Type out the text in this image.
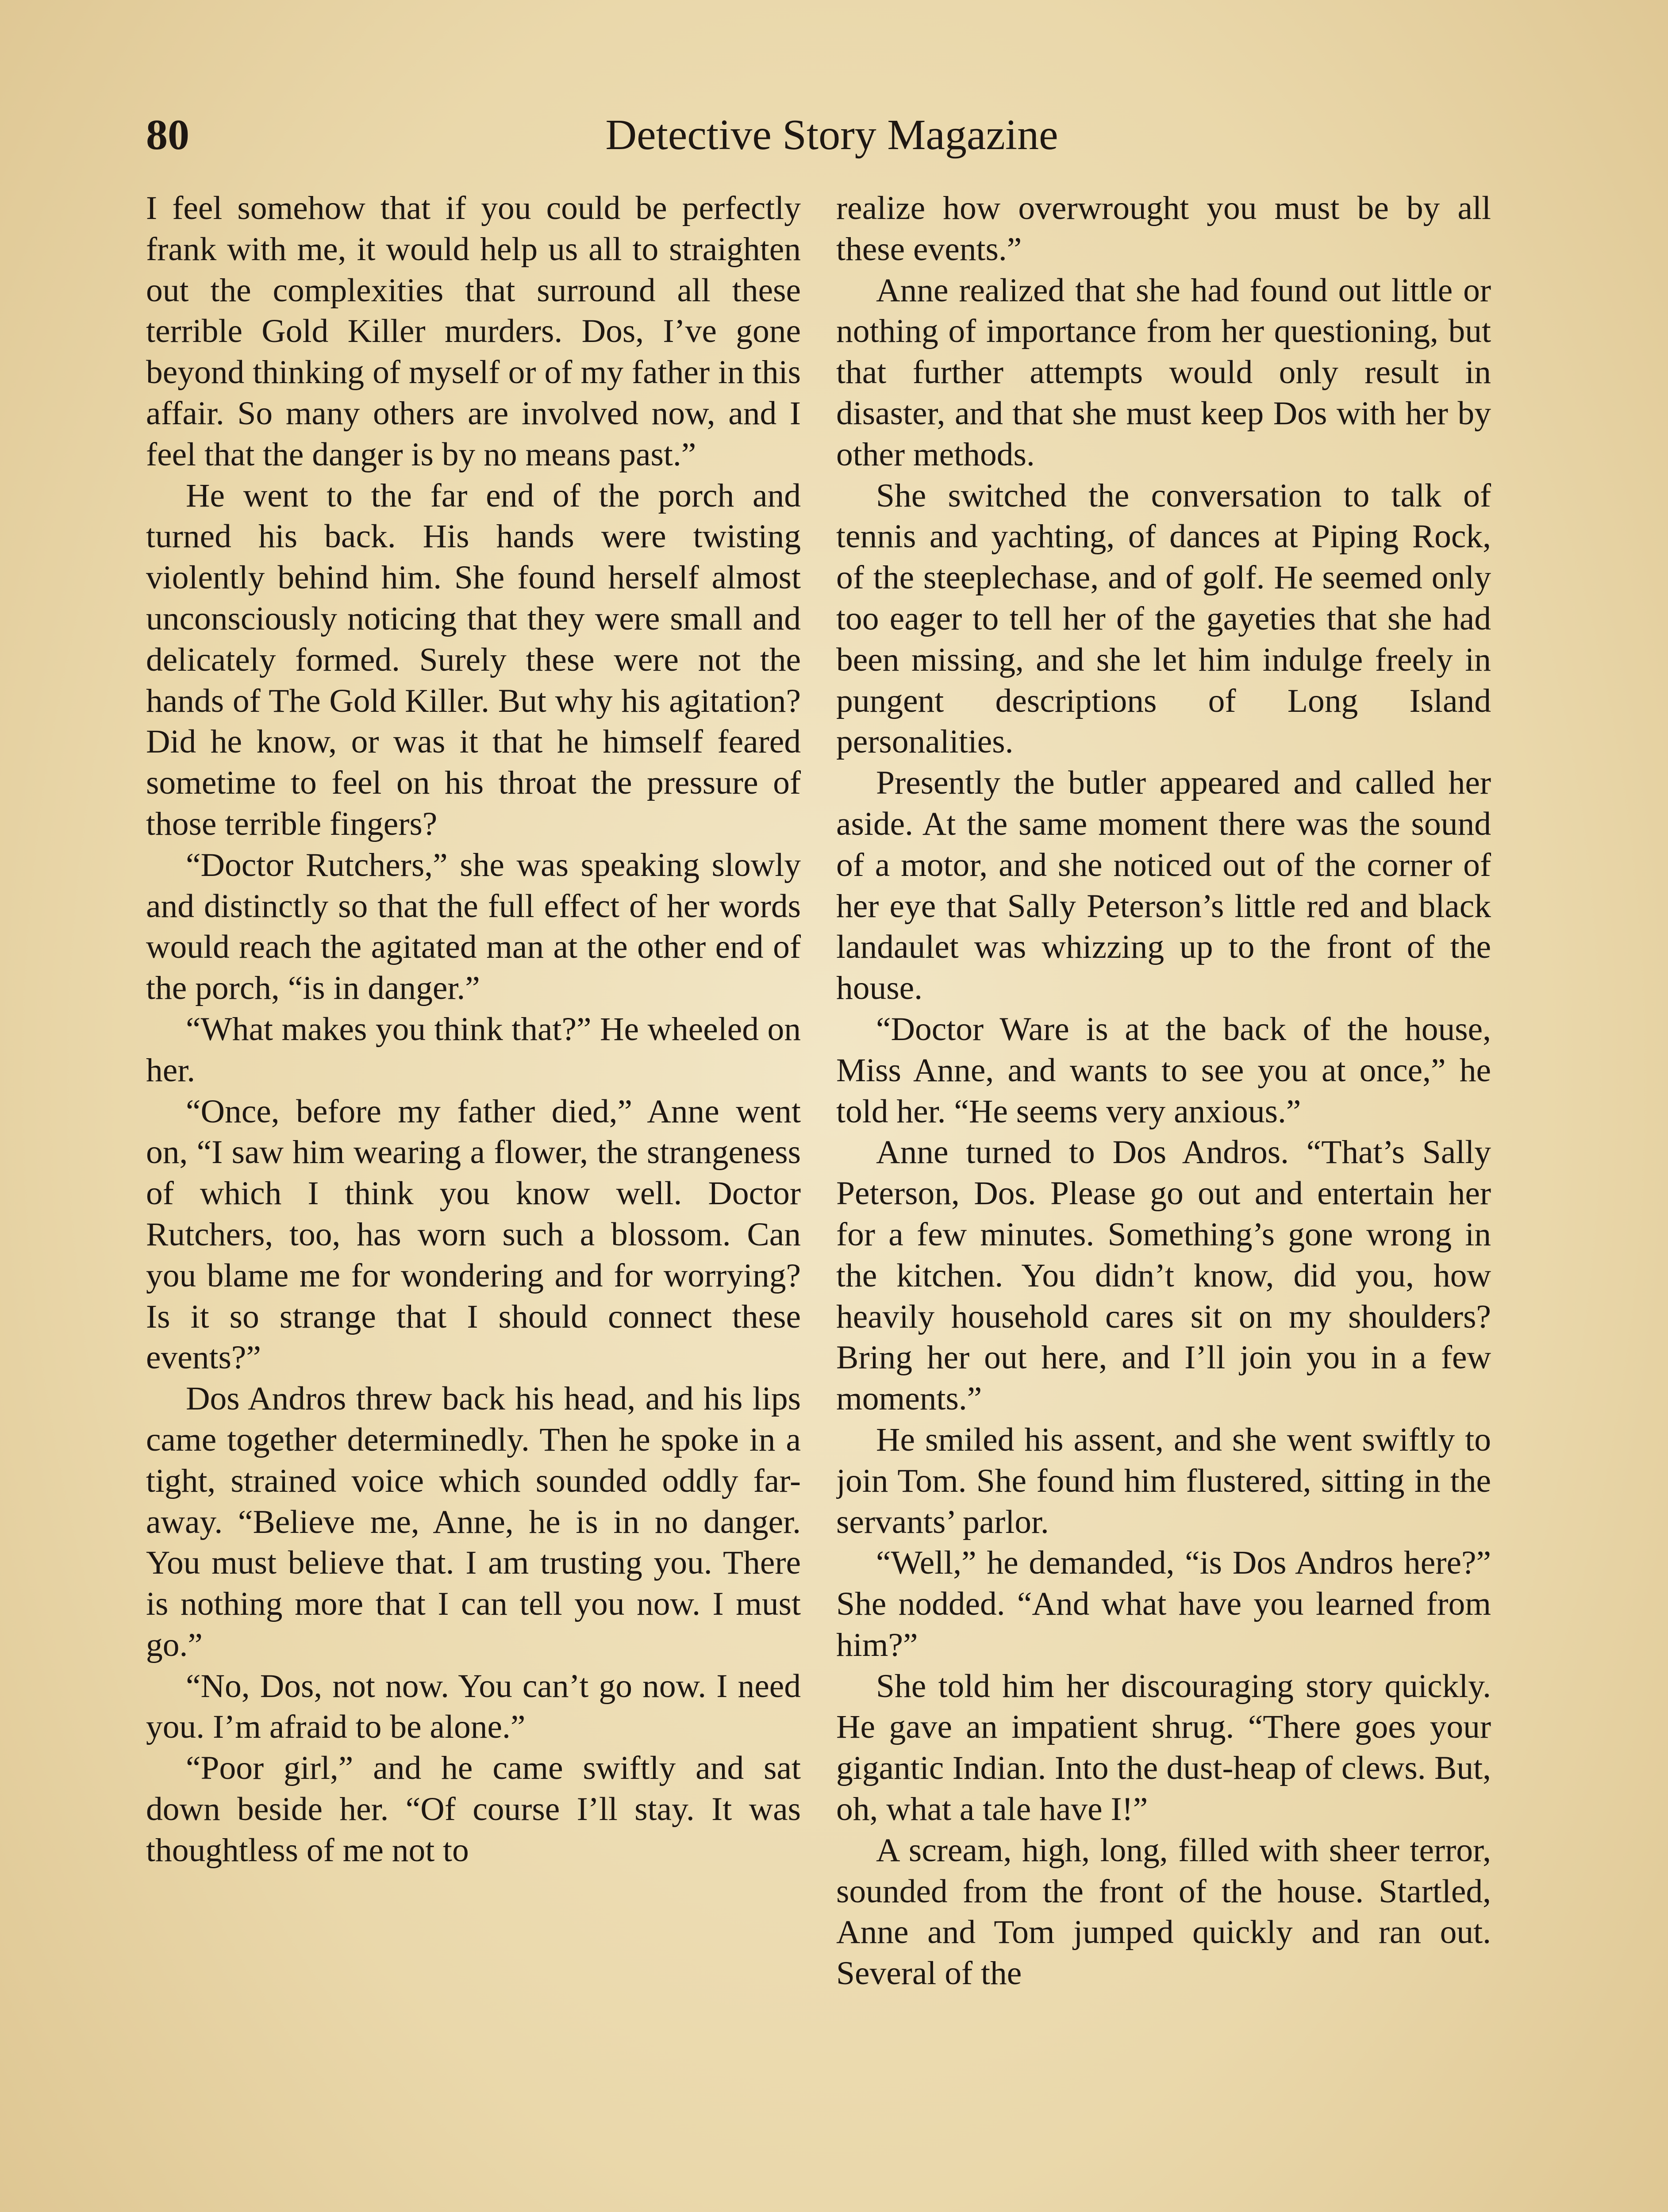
80	Detective Story Magazine

I feel somehow that if you could be perfectly frank with me, it would help us all to straighten out the complexities that surround all these terrible Gold Killer murders. Dos, I’ve gone beyond thinking of myself or of my father in this affair. So many others are involved now, and I feel that the danger is by no means past.”

He went to the far end of the porch and turned his back. His hands were twisting violently behind him. She found herself almost unconsciously noticing that they were small and delicately formed. Surely these were not the hands of The Gold Killer. But why his agitation? Did he know, or was it that he himself feared sometime to feel on his throat the pressure of those terrible fingers?

“Doctor Rutchers,” she was speaking slowly and distinctly so that the full effect of her words would reach the agitated man at the other end of the porch, “is in danger.”

“What makes you think that?” He wheeled on her.

“Once, before my father died,” Anne went on, “I saw him wearing a flower, the strangeness of which I think you know well. Doctor Rutchers, too, has worn such a blossom. Can you blame me for wondering and for worrying? Is it so strange that I should connect these events?”

Dos Andros threw back his head, and his lips came together determinedly. Then he spoke in a tight, strained voice which sounded oddly far-away. “Believe me, Anne, he is in no danger. You must believe that. I am trusting you. There is nothing more that I can tell you now. I must go.”

“No, Dos, not now. You can’t go now. I need you. I’m afraid to be alone.”

“Poor girl,” and he came swiftly and sat down beside her. “Of course I’ll stay. It was thoughtless of me not to

realize how overwrought you must be by all these events.”

Anne realized that she had found out little or nothing of importance from her questioning, but that further attempts would only result in disaster, and that she must keep Dos with her by other methods.

She switched the conversation to talk of tennis and yachting, of dances at Piping Rock, of the steeplechase, and of golf. He seemed only too eager to tell her of the gayeties that she had been missing, and she let him indulge freely in pungent descriptions of Long Island personalities.

Presently the butler appeared and called her aside. At the same moment there was the sound of a motor, and she noticed out of the corner of her eye that Sally Peterson’s little red and black landaulet was whizzing up to the front of the house.

“Doctor Ware is at the back of the house, Miss Anne, and wants to see you at once,” he told her. “He seems very anxious.”

Anne turned to Dos Andros. “That’s Sally Peterson, Dos. Please go out and entertain her for a few minutes. Something’s gone wrong in the kitchen. You didn’t know, did you, how heavily household cares sit on my shoulders? Bring her out here, and I’ll join you in a few moments.”

He smiled his assent, and she went swiftly to join Tom. She found him flustered, sitting in the servants’ parlor.

“Well,” he demanded, “is Dos Andros here?” She nodded. “And what have you learned from him?”

She told him her discouraging story quickly. He gave an impatient shrug. “There goes your gigantic Indian. Into the dust-heap of clews. But, oh, what a tale have I!”

A scream, high, long, filled with sheer terror, sounded from the front of the house. Startled, Anne and Tom jumped quickly and ran out. Several of the
